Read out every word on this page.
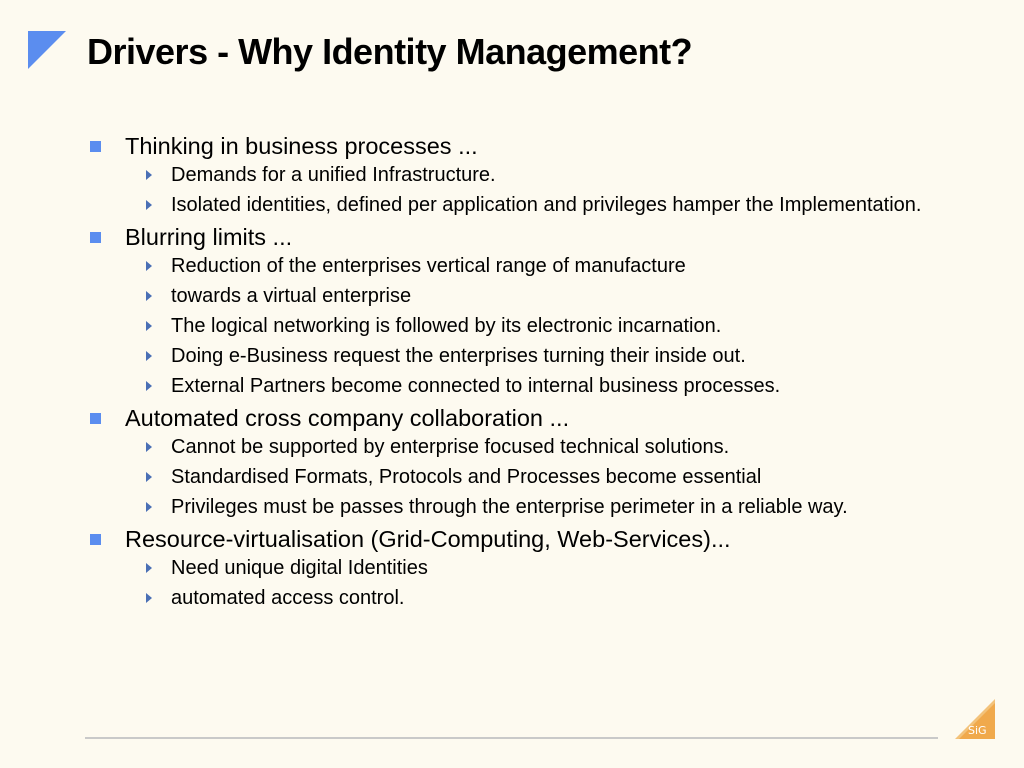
Drivers - Why Identity Management?
Thinking in business processes ...
Demands for a unified Infrastructure.
Isolated identities, defined per application and privileges hamper the Implementation.
Blurring limits ...
Reduction of the enterprises vertical range of manufacture
towards a virtual enterprise
The logical networking is followed by its electronic incarnation.
Doing e-Business request the enterprises turning their inside out.
External Partners become connected to internal business processes.
Automated cross company collaboration ...
Cannot be supported by enterprise focused technical solutions.
Standardised Formats, Protocols and Processes become essential
Privileges must be passes through the enterprise perimeter in a reliable way.
Resource-virtualisation (Grid-Computing, Web-Services)...
Need unique digital Identities
automated access control.
SiG
